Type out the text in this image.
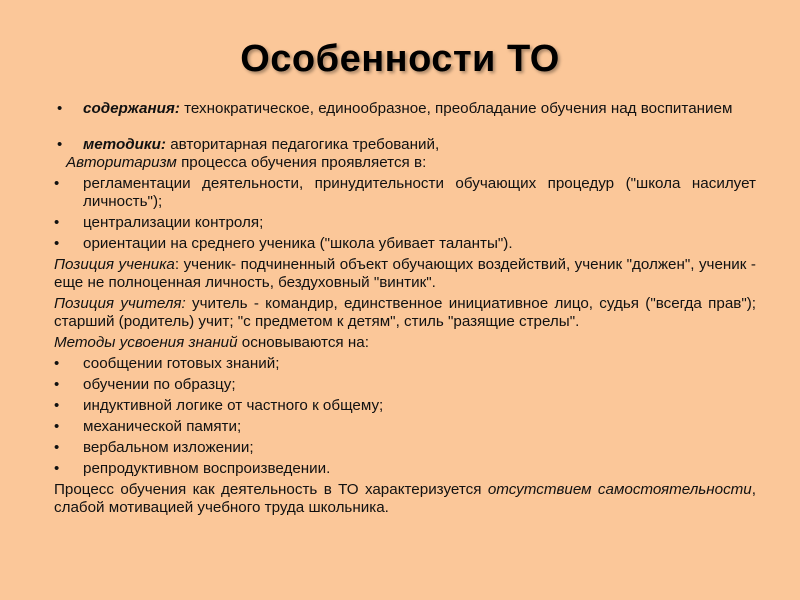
Особенности ТО

• содержания: технократическое, единообразное, преобладание обучения над воспитанием

• методики: авторитарная педагогика требований,

Авторитаризм процесса обучения проявляется в:

• регламентации деятельности, принудительности обучающих процедур ("школа насилует личность");

• централизации контроля;

• ориентации на среднего ученика ("школа убивает таланты").

Позиция ученика: ученик- подчиненный объект обучающих воздействий, ученик "должен", ученик - еще не полноценная личность, бездуховный "винтик".

Позиция учителя: учитель - командир, единственное инициативное лицо, судья ("всегда прав"); старший (родитель) учит; "с предметом к детям", стиль "разящие стрелы".

Методы усвоения знаний основываются на:

• сообщении готовых знаний;

• обучении по образцу;

• индуктивной логике от частного к общему;

• механической памяти;

• вербальном изложении;

• репродуктивном воспроизведении.

Процесс обучения как деятельность в ТО характеризуется отсутствием самостоятельности, слабой мотивацией учебного труда школьника.
